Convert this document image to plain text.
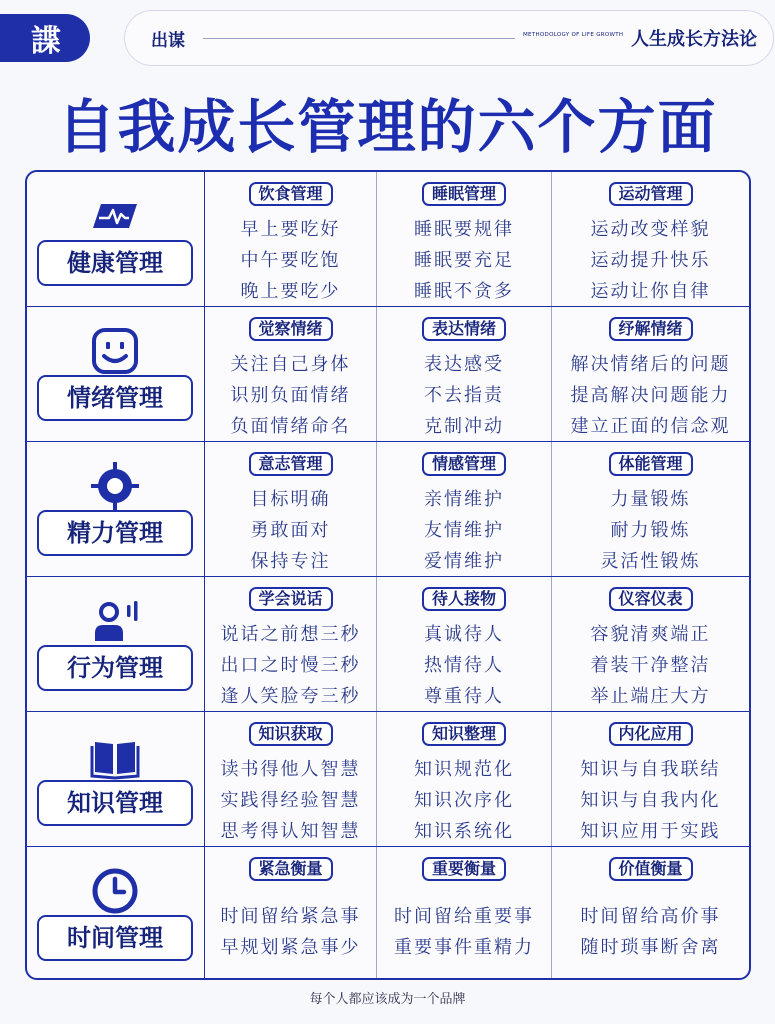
諜	出谋	METHODOLOGY OF LIFE GROWTH 人生成长方法论
自我成长管理的六个方面
健康管理
饮食管理
早上要吃好
中午要吃饱
晚上要吃少
睡眠管理
睡眠要规律
睡眠要充足
睡眠不贪多
运动管理
运动改变样貌
运动提升快乐
运动让你自律
情绪管理
觉察情绪
关注自己身体
识别负面情绪
负面情绪命名
表达情绪
表达感受
不去指责
克制冲动
纾解情绪
解决情绪后的问题
提高解决问题能力
建立正面的信念观
精力管理
意志管理
目标明确
勇敢面对
保持专注
情感管理
亲情维护
友情维护
爱情维护
体能管理
力量锻炼
耐力锻炼
灵活性锻炼
行为管理
学会说话
说话之前想三秒
出口之时慢三秒
逢人笑脸夸三秒
待人接物
真诚待人
热情待人
尊重待人
仪容仪表
容貌清爽端正
着装干净整洁
举止端庄大方
知识管理
知识获取
读书得他人智慧
实践得经验智慧
思考得认知智慧
知识整理
知识规范化
知识次序化
知识系统化
内化应用
知识与自我联结
知识与自我内化
知识应用于实践
时间管理
紧急衡量
时间留给紧急事
早规划紧急事少
重要衡量
时间留给重要事
重要事件重精力
价值衡量
时间留给高价事
随时琐事断舍离
每个人都应该成为一个品牌
